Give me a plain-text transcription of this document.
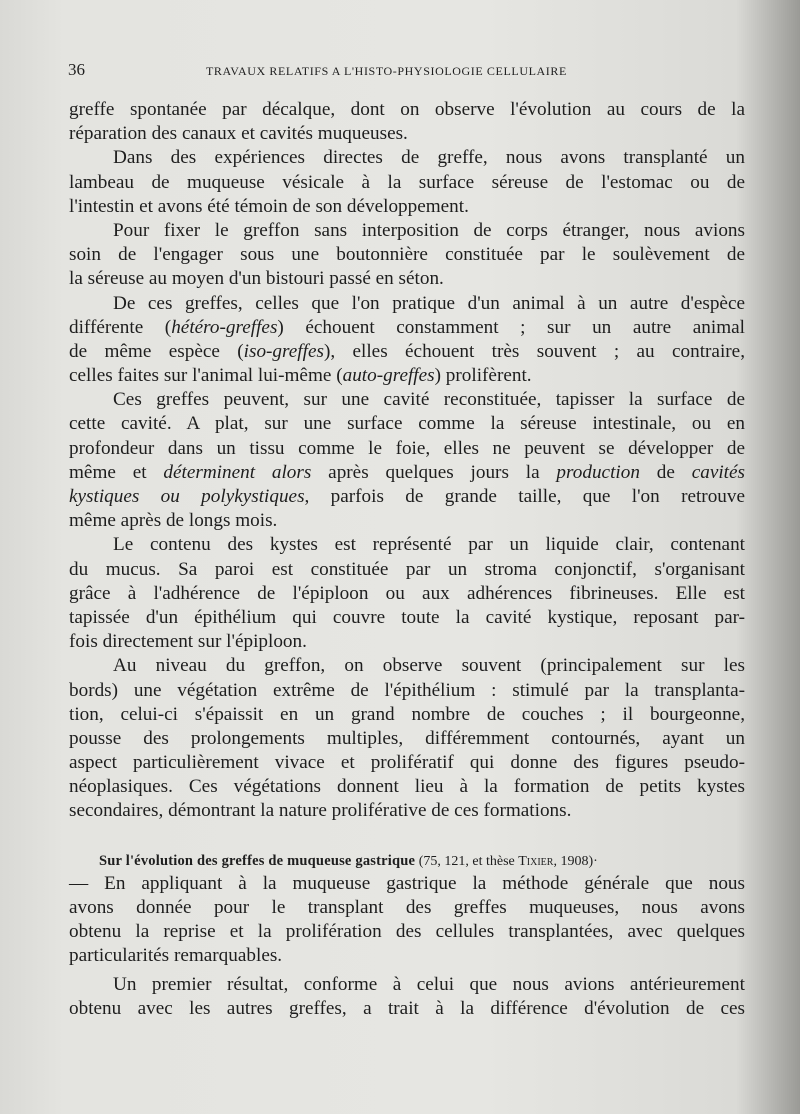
36	TRAVAUX RELATIFS A L'HISTO-PHYSIOLOGIE CELLULAIRE
greffe spontanée par décalque, dont on observe l'évolution au cours de la
réparation des canaux et cavités muqueuses.
Dans des expériences directes de greffe, nous avons transplanté un
lambeau de muqueuse vésicale à la surface séreuse de l'estomac ou de
l'intestin et avons été témoin de son développement.
Pour fixer le greffon sans interposition de corps étranger, nous avions
soin de l'engager sous une boutonnière constituée par le soulèvement de
la séreuse au moyen d'un bistouri passé en séton.
De ces greffes, celles que l'on pratique d'un animal à un autre d'espèce
différente (hétéro-greffes) échouent constamment ; sur un autre animal
de même espèce (iso-greffes), elles échouent très souvent ; au contraire,
celles faites sur l'animal lui-même (auto-greffes) prolifèrent.
Ces greffes peuvent, sur une cavité reconstituée, tapisser la surface de
cette cavité. A plat, sur une surface comme la séreuse intestinale, ou en
profondeur dans un tissu comme le foie, elles ne peuvent se développer de
même et déterminent alors après quelques jours la production de cavités
kystiques ou polykystiques, parfois de grande taille, que l'on retrouve
même après de longs mois.
Le contenu des kystes est représenté par un liquide clair, contenant
du mucus. Sa paroi est constituée par un stroma conjonctif, s'organisant
grâce à l'adhérence de l'épiploon ou aux adhérences fibrineuses. Elle est
tapissée d'un épithélium qui couvre toute la cavité kystique, reposant par-
fois directement sur l'épiploon.
Au niveau du greffon, on observe souvent (principalement sur les
bords) une végétation extrême de l'épithélium : stimulé par la transplanta-
tion, celui-ci s'épaissit en un grand nombre de couches ; il bourgeonne,
pousse des prolongements multiples, différemment contournés, ayant un
aspect particulièrement vivace et prolifératif qui donne des figures pseudo-
néoplasiques. Ces végétations donnent lieu à la formation de petits kystes
secondaires, démontrant la nature proliférative de ces formations.
Sur l'évolution des greffes de muqueuse gastrique (75, 121, et thèse Tixier, 1908)·
— En appliquant à la muqueuse gastrique la méthode générale que nous
avons donnée pour le transplant des greffes muqueuses, nous avons
obtenu la reprise et la prolifération des cellules transplantées, avec quelques
particularités remarquables.
Un premier résultat, conforme à celui que nous avions antérieurement
obtenu avec les autres greffes, a trait à la différence d'évolution de ces
